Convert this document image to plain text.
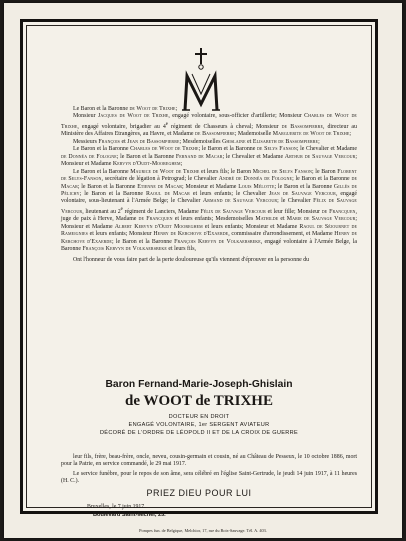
Le Baron et la Baronne de Woot de Trixhe;

Monsieur Jacques de Woot de Trixhe, engagé volontaire, sous-officier d'artillerie; Monsieur Charles de Woot de Trixhe, engagé volontaire, brigadier au 4e régiment de Chasseurs à cheval; Monsieur de Bassompierre, directeur au Ministère des Affaires Etrangères, au Havre, et Madame de Bassompierre; Mademoiselle Marguerite de Woot de Trixhe;

Messieurs François et Jean de Bassompierre; Mesdemoiselles Ghislaine et Elisabeth de Bassompierre;

Le Baron et la Baronne Charles de Woot de Trixhe; le Baron et la Baronne de Selys Fanson; le Chevalier et Madame de Donnéa de Fologne; le Baron et la Baronne Fernand de Macar; le Chevalier et Madame Arthur de Sauvage Vercour; Monsieur et Madame Kervyn d'Oudt-Mooreghem;

Le Baron et la Baronne Maurice de Woot de Trixhe et leurs fils; le Baron Michel de Selys Fanson; le Baron Florent de Selys-Fanson, secrétaire de légation à Petrograd; le Chevalier André de Donnéa de Fologne; le Baron et la Baronne de Macar; le Baron et la Baronne Etienne de Macar; Monsieur et Madame Louis Mélotte; le Baron et la Baronne Gillès de Pélichy; le Baron et la Baronne Raoul de Macar et leurs enfants; le Chevalier Jean de Sauvage Vercour, engagé volontaire, sous-lieutenant à l'Armée Belge; le Chevalier Armand de Sauvage Vercour; le Chevalier Félix de Sauvage Vercour, lieutenant au 2e régiment de Lanciers, Madame Félix de Sauvage Vercour et leur fille; Monsieur de Francquen, juge de paix à Herve, Madame de Francquen et leurs enfants; Mesdemoiselles Mathilde et Marie de Sauvage Vercour; Monsieur et Madame Albert Kervyn d'Oudt Mooreghem et leurs enfants; Monsieur et Madame Raoul de Séjournet de Rameignies et leurs enfants; Monsieur Henry de Kerchove d'Exaerde, commissaire d'arrondissement, et Madame Henry de Kerchove d'Exaerde; le Baron et la Baronne François Kervyn de Volkaersbeke, engagé volontaire à l'Armée Belge, la Baronne François Kervyn de Volkaersbeke et leurs fils,

Ont l'honneur de vous faire part de la perte douloureuse qu'ils viennent d'éprouver en la personne du

Baron Fernand-Marie-Joseph-Ghislain
de WOOT de TRIXHE
DOCTEUR EN DROIT
ENGAGÉ VOLONTAIRE, 1er SERGENT AVIATEUR
DÉCORÉ DE L'ORDRE DE LÉOPOLD II ET DE LA CROIX DE GUERRE

leur fils, frère, beau-frère, oncle, neveu, cousin-germain et cousin, né au Château de Pesseux, le 10 octobre 1886, mort pour la Patrie, en service commandé, le 29 mai 1917.

Le service funèbre, pour le repos de son âme, sera célébré en l'église Saint-Gertrude, le jeudi 14 juin 1917, à 11 heures (H. C.).

PRIEZ DIEU POUR LUI
Bruxelles, le 7 juin 1917.
Boulevard Saint-Michel, 25.
Pompes fun. de Belgique, Melchior, 17, rue du Bois-Sauvage. Tél. A. 403.
